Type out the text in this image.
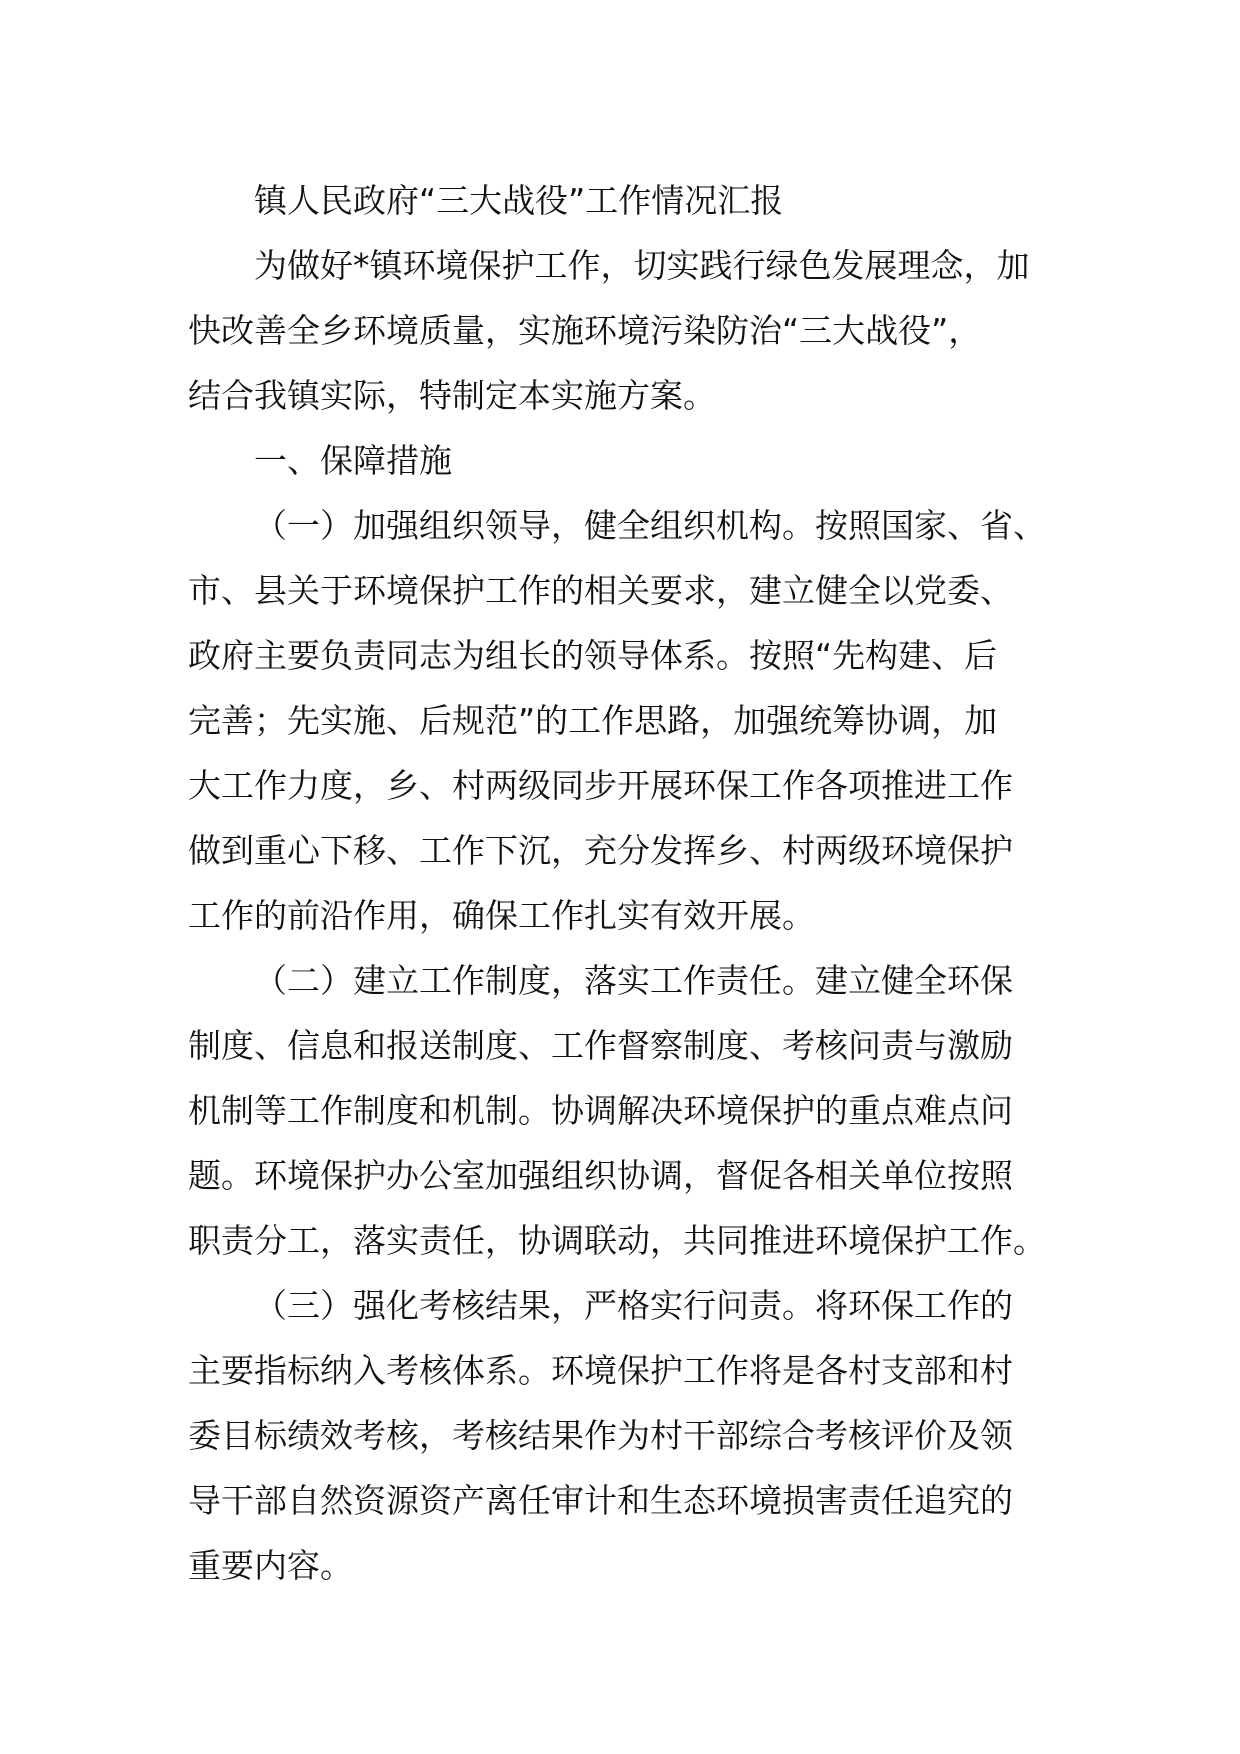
镇人民政府“三大战役”工作情况汇报
为做好*镇环境保护工作，切实践行绿色发展理念，加
快改善全乡环境质量，实施环境污染防治“三大战役”，
结合我镇实际，特制定本实施方案。
一、保障措施
（一）加强组织领导，健全组织机构。按照国家、省、
市、县关于环境保护工作的相关要求，建立健全以党委、
政府主要负责同志为组长的领导体系。按照“先构建、后
完善；先实施、后规范”的工作思路，加强统筹协调，加
大工作力度，乡、村两级同步开展环保工作各项推进工作
做到重心下移、工作下沉，充分发挥乡、村两级环境保护
工作的前沿作用，确保工作扎实有效开展。
（二）建立工作制度，落实工作责任。建立健全环保
制度、信息和报送制度、工作督察制度、考核问责与激励
机制等工作制度和机制。协调解决环境保护的重点难点问
题。环境保护办公室加强组织协调，督促各相关单位按照
职责分工，落实责任，协调联动，共同推进环境保护工作。
（三）强化考核结果，严格实行问责。将环保工作的
主要指标纳入考核体系。环境保护工作将是各村支部和村
委目标绩效考核，考核结果作为村干部综合考核评价及领
导干部自然资源资产离任审计和生态环境损害责任追究的
重要内容。
